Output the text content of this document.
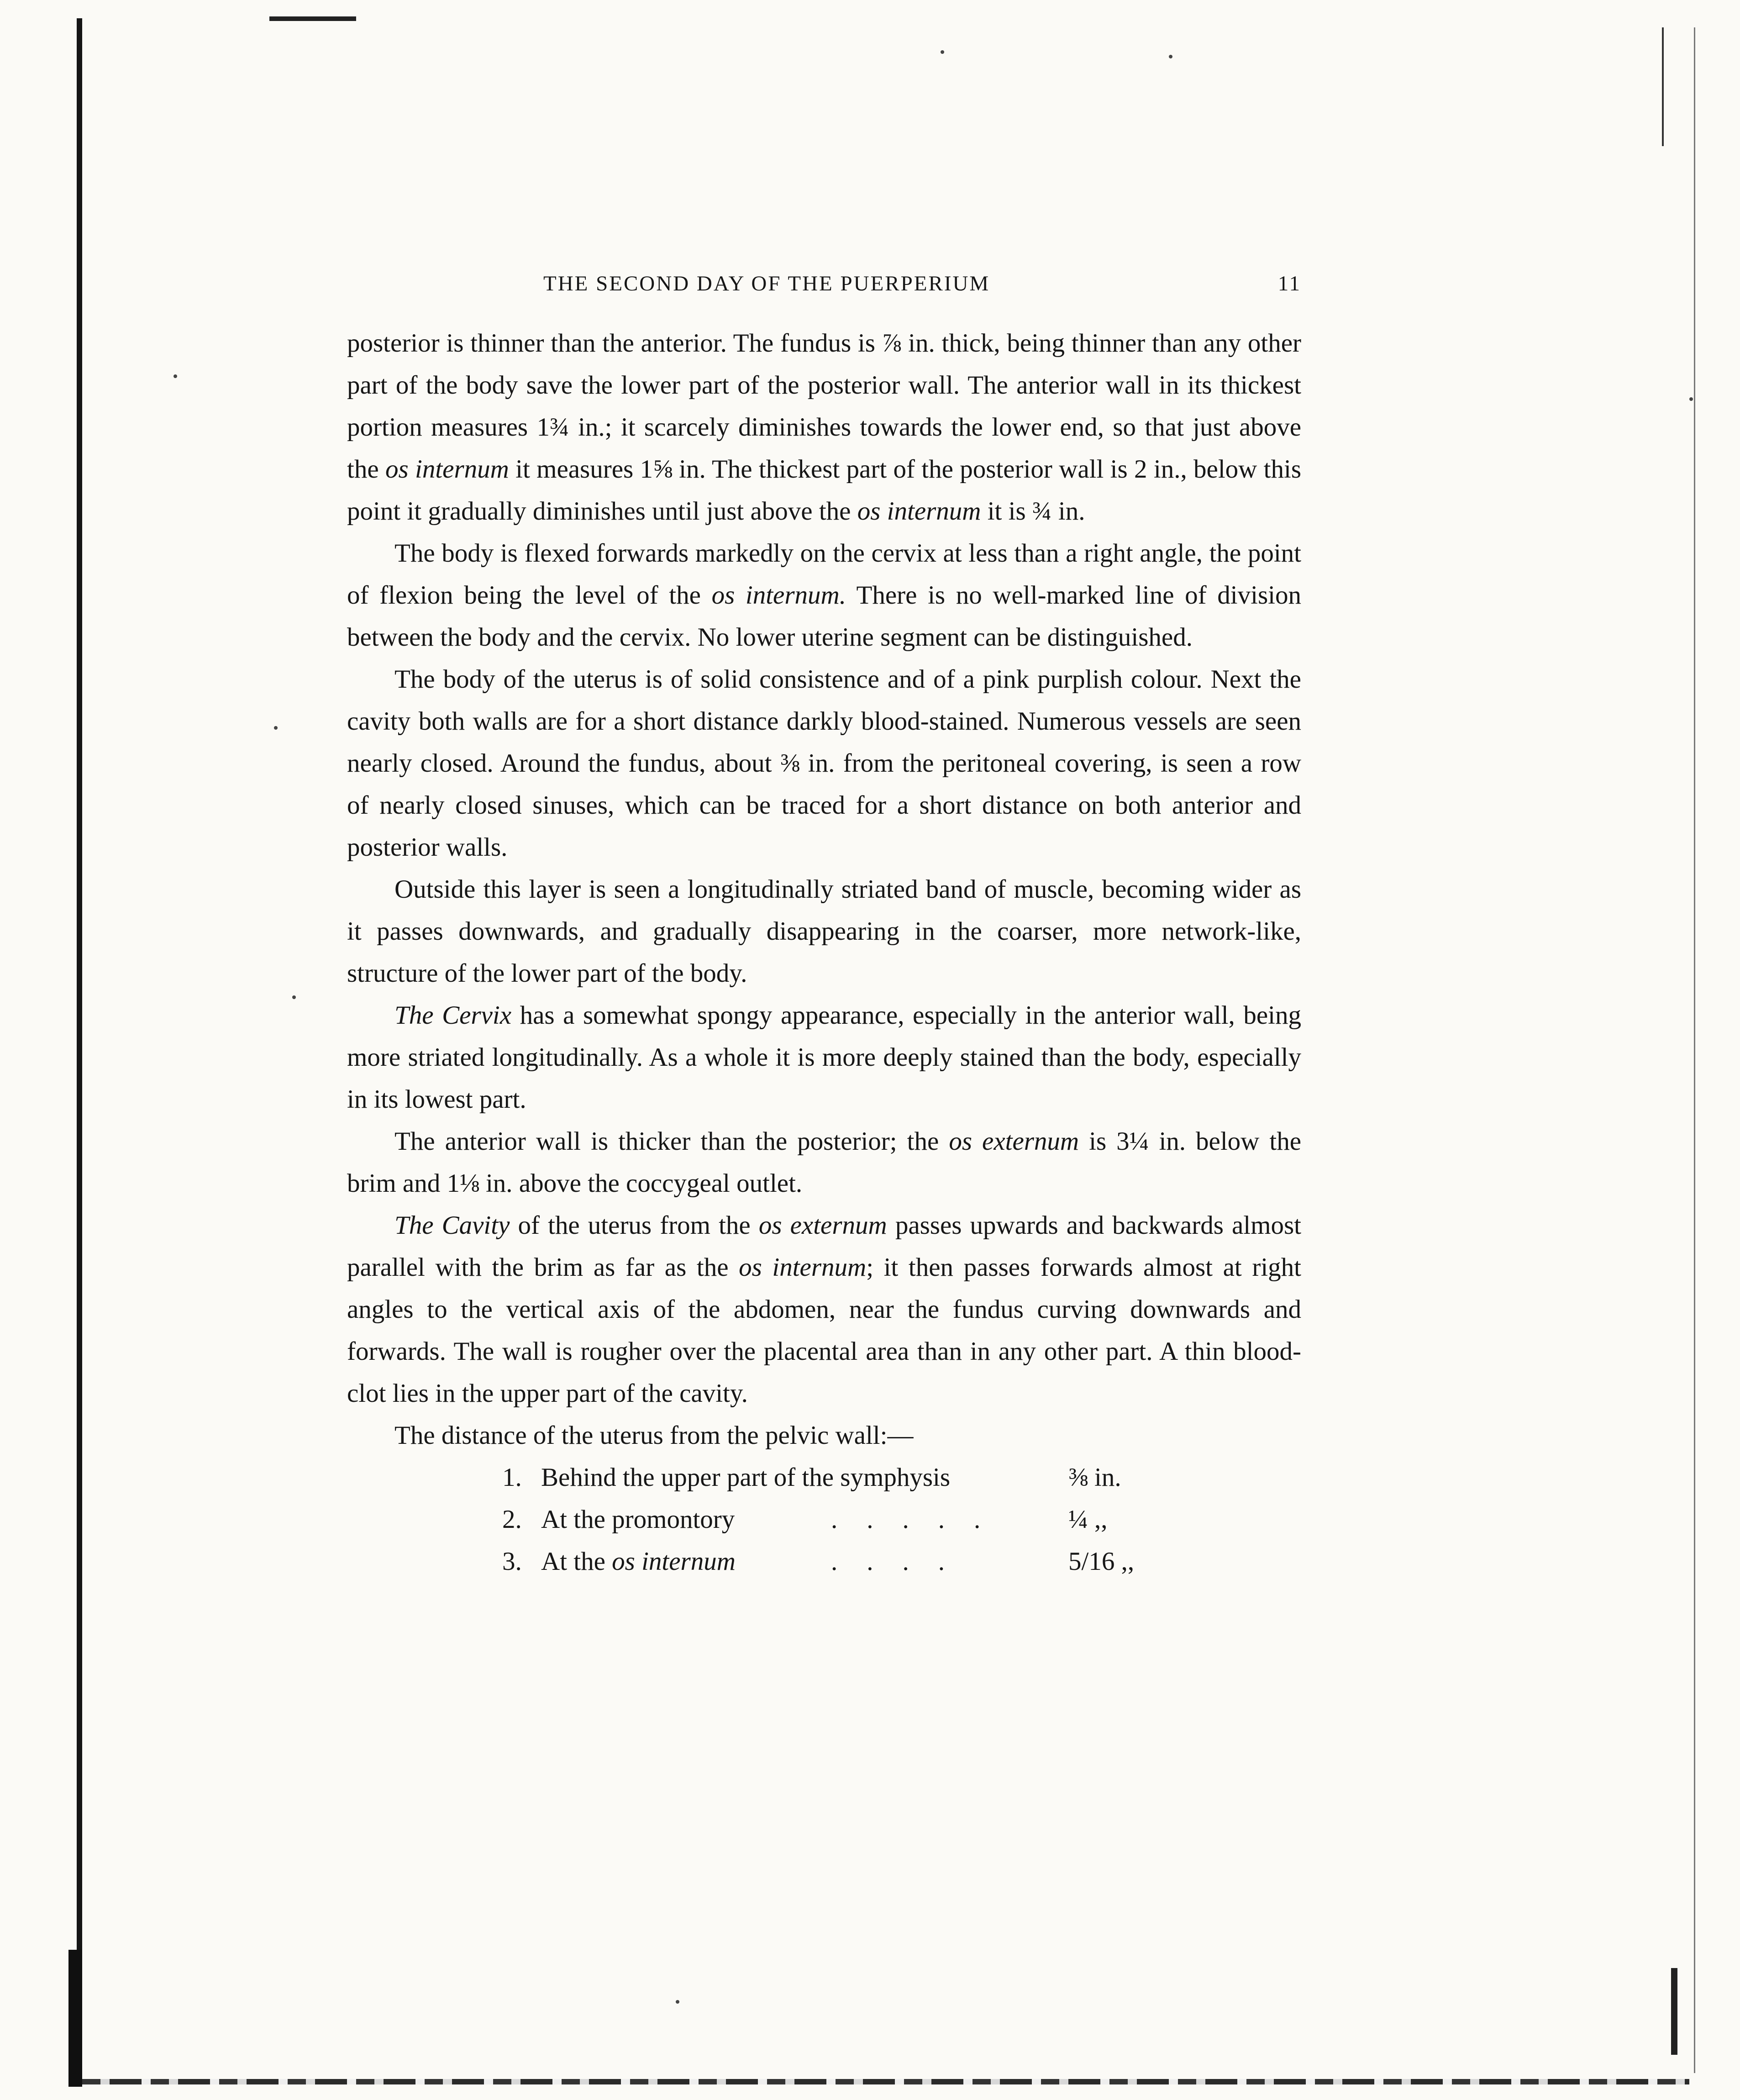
THE SECOND DAY OF THE PUERPERIUM	11

posterior is thinner than the anterior. The fundus is ⅞ in. thick, being thinner than any other part of the body save the lower part of the posterior wall. The anterior wall in its thickest portion measures 1¾ in.; it scarcely diminishes towards the lower end, so that just above the os internum it measures 1⅝ in. The thickest part of the posterior wall is 2 in., below this point it gradually diminishes until just above the os internum it is ¾ in.

The body is flexed forwards markedly on the cervix at less than a right angle, the point of flexion being the level of the os internum. There is no well-marked line of division between the body and the cervix. No lower uterine segment can be distinguished.

The body of the uterus is of solid consistence and of a pink purplish colour. Next the cavity both walls are for a short distance darkly blood-stained. Numerous vessels are seen nearly closed. Around the fundus, about ⅜ in. from the peritoneal covering, is seen a row of nearly closed sinuses, which can be traced for a short distance on both anterior and posterior walls.

Outside this layer is seen a longitudinally striated band of muscle, becoming wider as it passes downwards, and gradually disappearing in the coarser, more network-like, structure of the lower part of the body.

The Cervix has a somewhat spongy appearance, especially in the anterior wall, being more striated longitudinally. As a whole it is more deeply stained than the body, especially in its lowest part.

The anterior wall is thicker than the posterior; the os externum is 3¼ in. below the brim and 1⅛ in. above the coccygeal outlet.

The Cavity of the uterus from the os externum passes upwards and backwards almost parallel with the brim as far as the os internum; it then passes forwards almost at right angles to the vertical axis of the abdomen, near the fundus curving downwards and forwards. The wall is rougher over the placental area than in any other part. A thin blood-clot lies in the upper part of the cavity.

The distance of the uterus from the pelvic wall:—

1. Behind the upper part of the symphysis	⅜ in.
2. At the promontory	..... ¼ ,,
3. At the os internum	....	5/16 ,,
